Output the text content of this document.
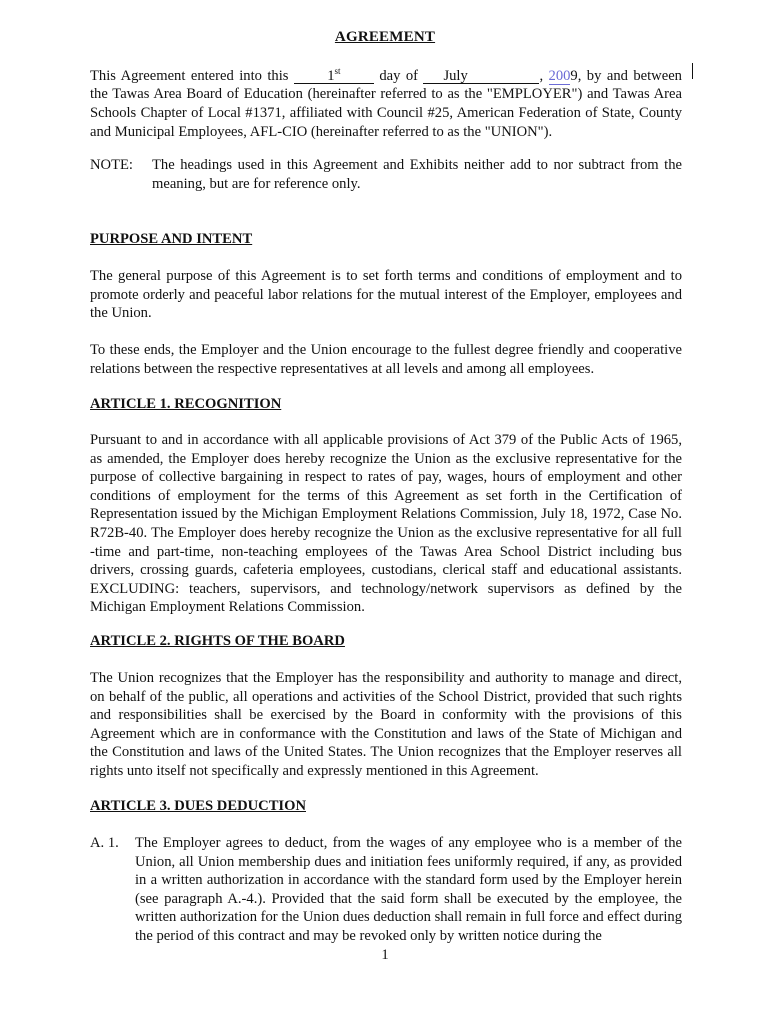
AGREEMENT
This Agreement entered into this	1st	day of July	, 2009, by and between the Tawas Area Board of Education (hereinafter referred to as the "EMPLOYER") and Tawas Area Schools Chapter of Local #1371, affiliated with Council #25, American Federation of State, County and Municipal Employees, AFL-CIO (hereinafter referred to as the "UNION").
NOTE: The headings used in this Agreement and Exhibits neither add to nor subtract from the meaning, but are for reference only.
PURPOSE AND INTENT
The general purpose of this Agreement is to set forth terms and conditions of employment and to promote orderly and peaceful labor relations for the mutual interest of the Employer, employees and the Union.
To these ends, the Employer and the Union encourage to the fullest degree friendly and cooperative relations between the respective representatives at all levels and among all employees.
ARTICLE 1. RECOGNITION
Pursuant to and in accordance with all applicable provisions of Act 379 of the Public Acts of 1965, as amended, the Employer does hereby recognize the Union as the exclusive representative for the purpose of collective bargaining in respect to rates of pay, wages, hours of employment and other conditions of employment for the terms of this Agreement as set forth in the Certification of Representation issued by the Michigan Employment Relations Commission, July 18, 1972, Case No. R72B-40. The Employer does hereby recognize the Union as the exclusive representative for all full -time and part-time, non-teaching employees of the Tawas Area School District including bus drivers, crossing guards, cafeteria employees, custodians, clerical staff and educational assistants. EXCLUDING: teachers, supervisors, and technology/network supervisors as defined by the Michigan Employment Relations Commission.
ARTICLE 2. RIGHTS OF THE BOARD
The Union recognizes that the Employer has the responsibility and authority to manage and direct, on behalf of the public, all operations and activities of the School District, provided that such rights and responsibilities shall be exercised by the Board in conformity with the provisions of this Agreement which are in conformance with the Constitution and laws of the State of Michigan and the Constitution and laws of the United States. The Union recognizes that the Employer reserves all rights unto itself not specifically and expressly mentioned in this Agreement.
ARTICLE 3. DUES DEDUCTION
A. 1. The Employer agrees to deduct, from the wages of any employee who is a member of the Union, all Union membership dues and initiation fees uniformly required, if any, as provided in a written authorization in accordance with the standard form used by the Employer herein (see paragraph A.-4.). Provided that the said form shall be executed by the employee, the written authorization for the Union dues deduction shall remain in full force and effect during the period of this contract and may be revoked only by written notice during the
1
